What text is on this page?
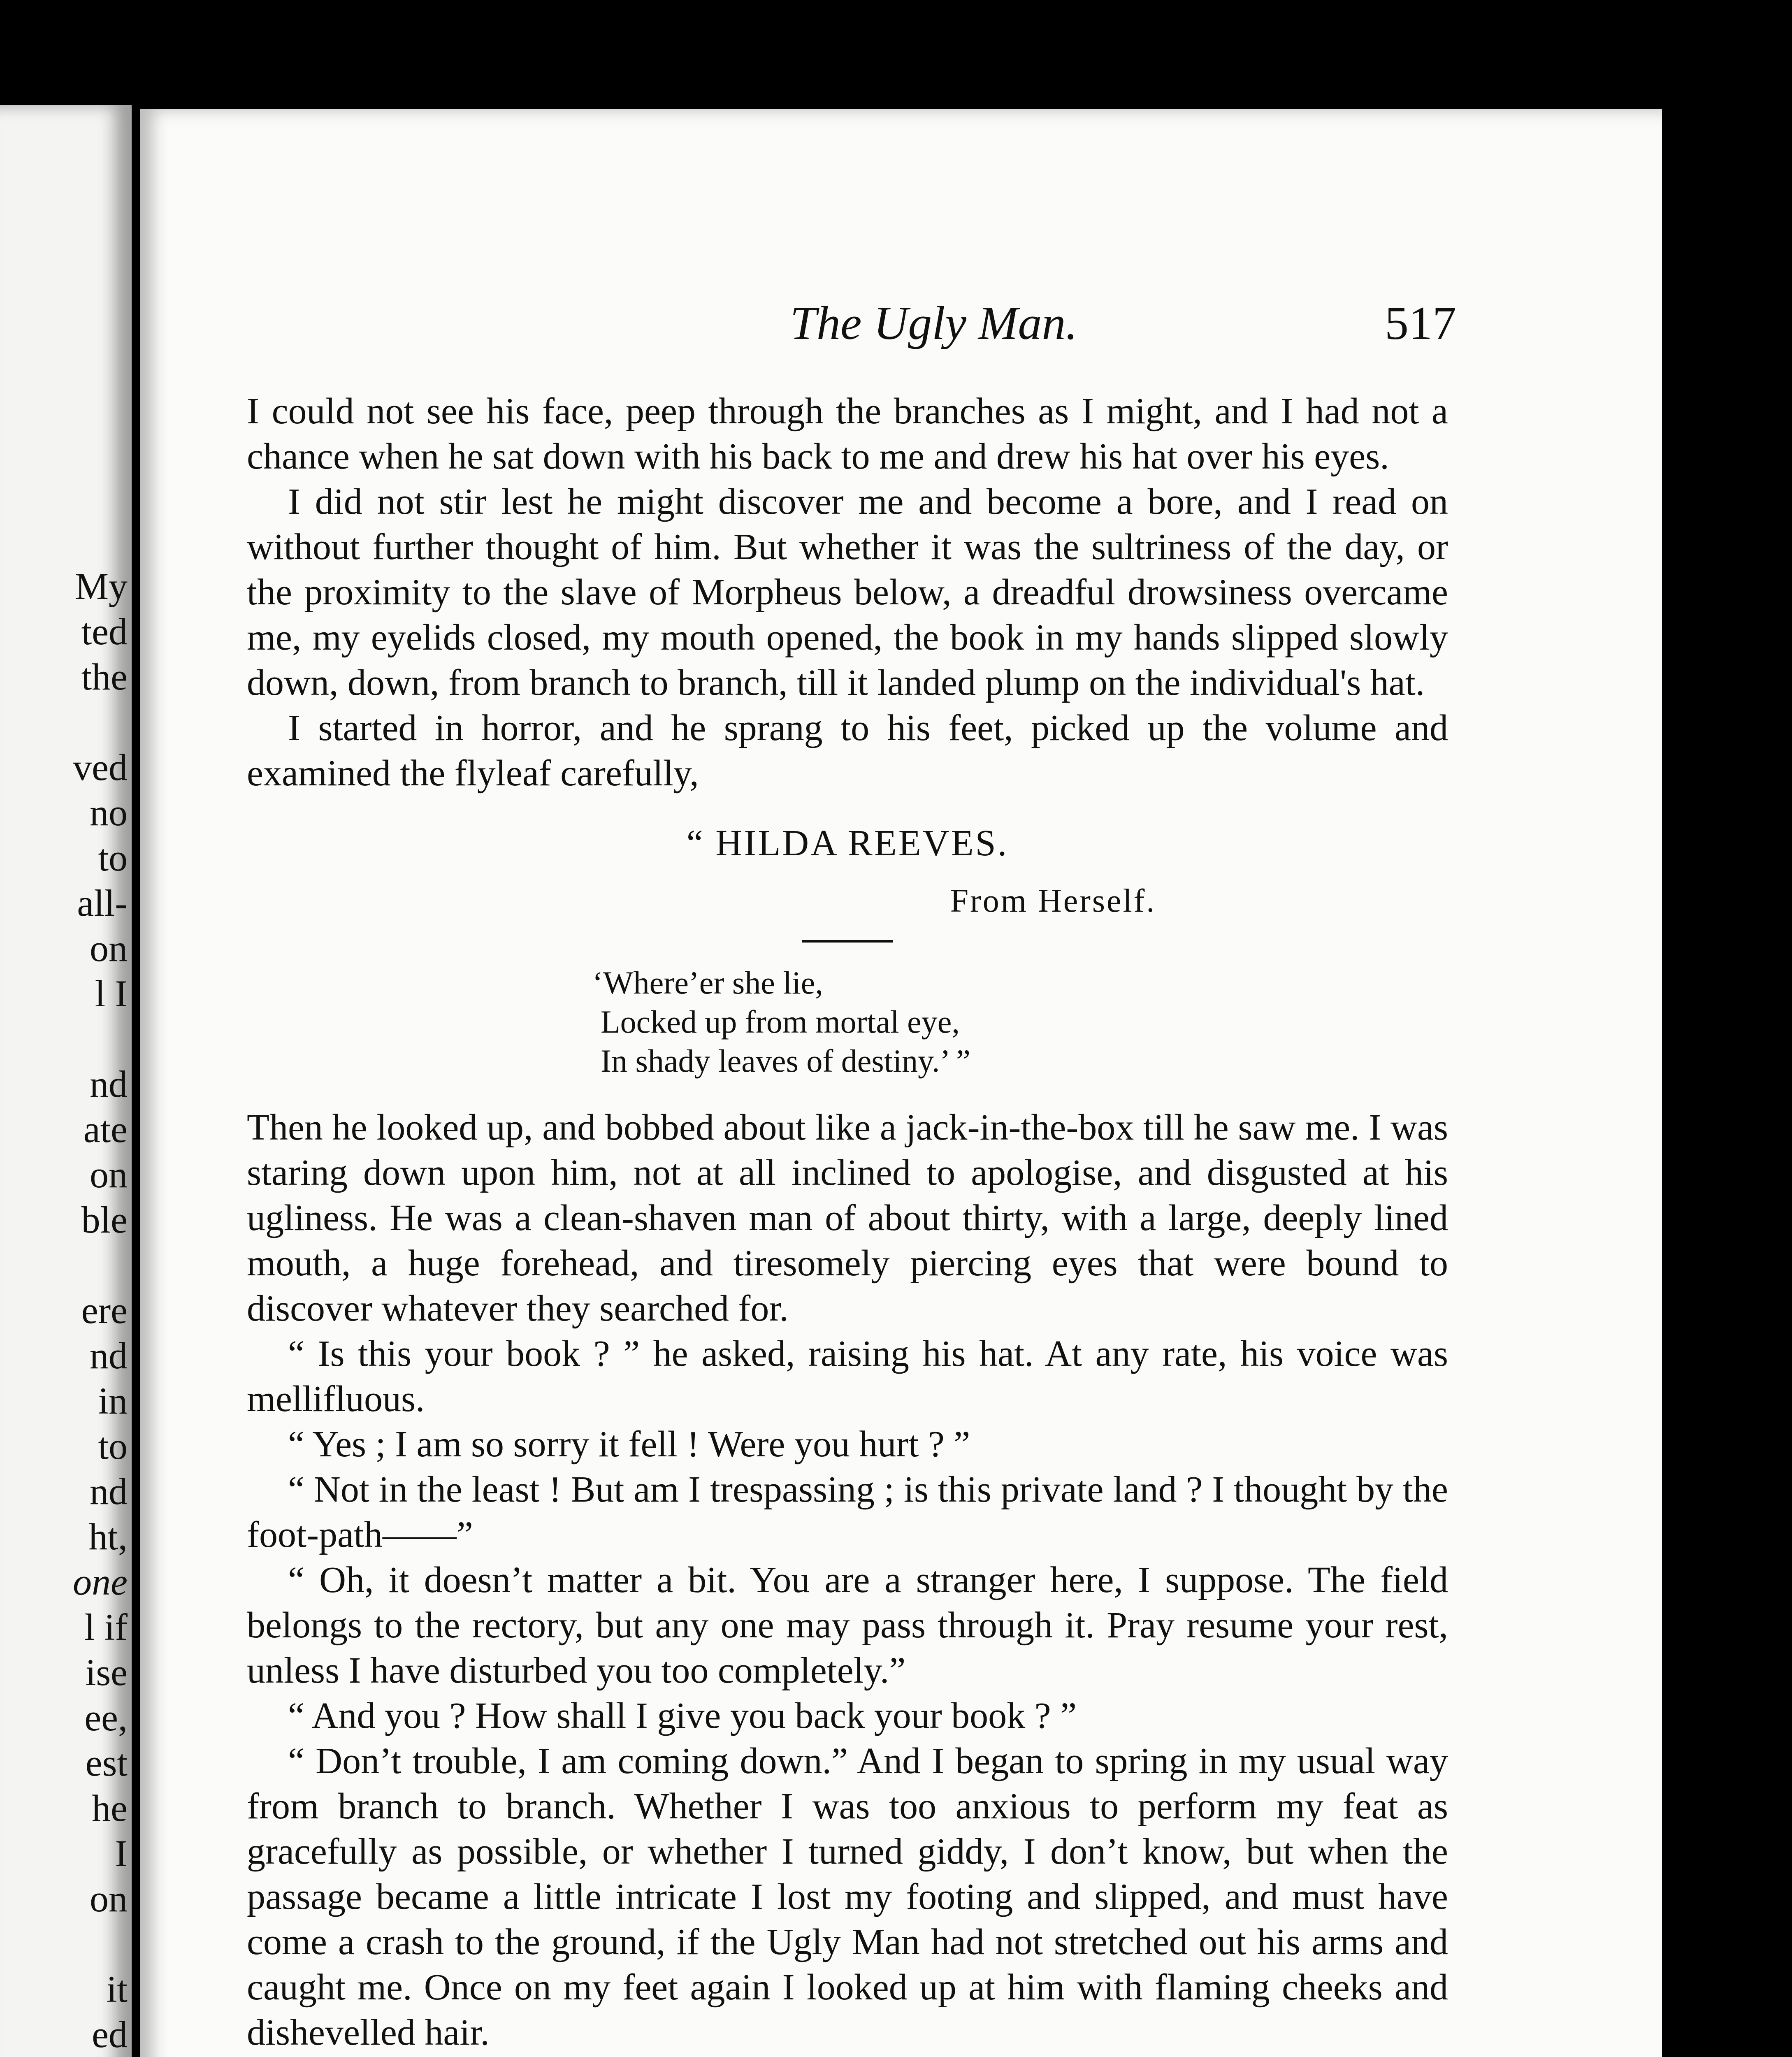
My
ted
the
ved
no
to
all-
on
l I
nd
ate
on
ble
ere
nd
in
to
nd
ht,
one
l if
ise
ee,
est
he
I
on
it
ed
The Ugly Man.	517

I could not see his face, peep through the branches as I might, and I had not a chance when he sat down with his back to me and drew his hat over his eyes.

I did not stir lest he might discover me and become a bore, and I read on without further thought of him. But whether it was the sultriness of the day, or the proximity to the slave of Morpheus below, a dreadful drowsiness overcame me, my eyelids closed, my mouth opened, the book in my hands slipped slowly down, down, from branch to branch, till it landed plump on the individual's hat.

I started in horror, and he sprang to his feet, picked up the volume and examined the flyleaf carefully,

“ HILDA REEVES.
From Herself.
‘Where’er she lie,
Locked up from mortal eye,
In shady leaves of destiny.’ ”

Then he looked up, and bobbed about like a jack-in-the-box till he saw me. I was staring down upon him, not at all inclined to apologise, and disgusted at his ugliness. He was a clean-shaven man of about thirty, with a large, deeply lined mouth, a huge forehead, and tiresomely piercing eyes that were bound to discover whatever they searched for.

“ Is this your book ? ” he asked, raising his hat. At any rate, his voice was mellifluous.

“ Yes ; I am so sorry it fell ! Were you hurt ? ”

“ Not in the least ! But am I trespassing ; is this private land ? I thought by the foot-path——”

“ Oh, it doesn’t matter a bit. You are a stranger here, I suppose. The field belongs to the rectory, but any one may pass through it. Pray resume your rest, unless I have disturbed you too completely.”

“ And you ? How shall I give you back your book ? ”

“ Don’t trouble, I am coming down.” And I began to spring in my usual way from branch to branch. Whether I was too anxious to perform my feat as gracefully as possible, or whether I turned giddy, I don’t know, but when the passage became a little intricate I lost my footing and slipped, and must have come a crash to the ground, if the Ugly Man had not stretched out his arms and caught me. Once on my feet again I looked up at him with flaming cheeks and dishevelled hair.
